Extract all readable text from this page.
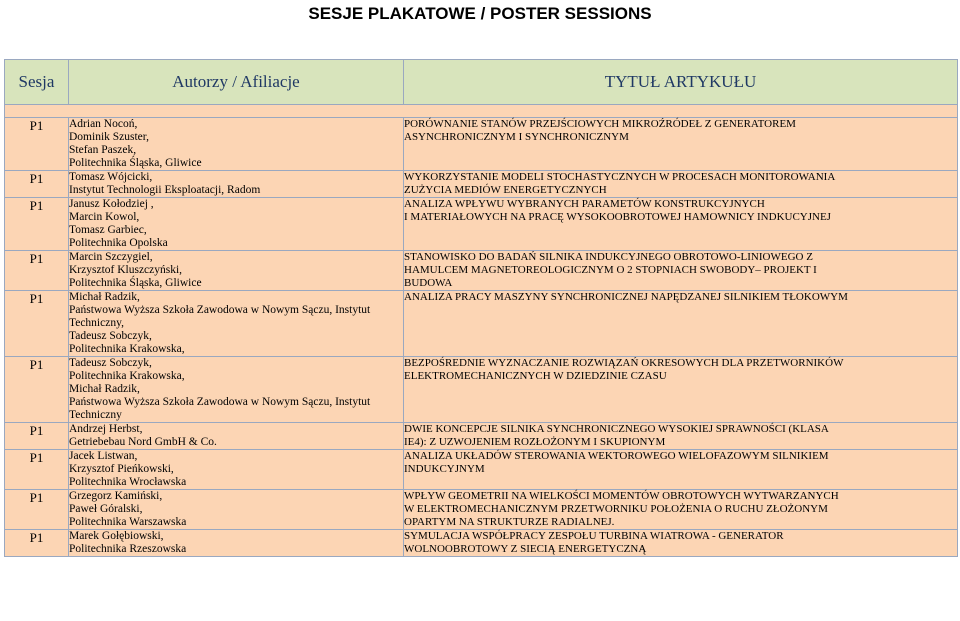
SESJE PLAKATOWE / POSTER SESSIONS
Sesja	Autorzy / Afiliacje	TYTUŁ ARTYKUŁU

P1	Adrian Nocoń,
Dominik Szuster,
Stefan Paszek,
Politechnika Śląska, Gliwice	PORÓWNANIE STANÓW PRZEJŚCIOWYCH MIKROŹRÓDEŁ Z GENERATOREM
ASYNCHRONICZNYM I SYNCHRONICZNYM

P1	Tomasz Wójcicki,
Instytut Technologii Eksploatacji, Radom	WYKORZYSTANIE MODELI STOCHASTYCZNYCH W PROCESACH MONITOROWANIA
ZUŻYCIA MEDIÓW ENERGETYCZNYCH

P1	Janusz Kołodziej ,
Marcin Kowol,
Tomasz Garbiec,
Politechnika Opolska	ANALIZA WPŁYWU WYBRANYCH PARAMETÓW KONSTRUKCYJNYCH
I MATERIAŁOWYCH NA PRACĘ WYSOKOOBROTOWEJ HAMOWNICY INDKUCYJNEJ

P1	Marcin Szczygiel,
Krzysztof Kluszczyński,
Politechnika Śląska, Gliwice	STANOWISKO DO BADAŃ SILNIKA INDUKCYJNEGO OBROTOWO-LINIOWEGO Z
HAMULCEM MAGNETOREOLOGICZNYM O 2 STOPNIACH SWOBODY– PROJEKT I
BUDOWA

P1	Michał Radzik,
Państwowa Wyższa Szkoła Zawodowa w Nowym Sączu, Instytut
Techniczny,
Tadeusz Sobczyk,
Politechnika Krakowska,	ANALIZA PRACY MASZYNY SYNCHRONICZNEJ NAPĘDZANEJ SILNIKIEM TŁOKOWYM

P1	Tadeusz Sobczyk,
Politechnika Krakowska,
Michał Radzik,
Państwowa Wyższa Szkoła Zawodowa w Nowym Sączu, Instytut
Techniczny	BEZPOŚREDNIE WYZNACZANIE ROZWIĄZAŃ OKRESOWYCH DLA PRZETWORNIKÓW
ELEKTROMECHANICZNYCH W DZIEDZINIE CZASU

P1	Andrzej Herbst,
Getriebebau Nord GmbH & Co.	DWIE KONCEPCJE SILNIKA SYNCHRONICZNEGO WYSOKIEJ SPRAWNOŚCI (KLASA
IE4): Z UZWOJENIEM ROZŁOŻONYM I SKUPIONYM

P1	Jacek Listwan,
Krzysztof Pieńkowski,
Politechnika Wrocławska	ANALIZA UKŁADÓW STEROWANIA WEKTOROWEGO WIELOFAZOWYM SILNIKIEM
INDUKCYJNYM

P1	Grzegorz Kamiński,
Paweł Góralski,
Politechnika Warszawska	WPŁYW GEOMETRII NA WIELKOŚCI MOMENTÓW OBROTOWYCH WYTWARZANYCH
W ELEKTROMECHANICZNYM PRZETWORNIKU POŁOŻENIA O RUCHU ZŁOŻONYM
OPARTYM NA STRUKTURZE RADIALNEJ.

P1	Marek Gołębiowski,
Politechnika Rzeszowska	SYMULACJA WSPÓŁPRACY ZESPOŁU TURBINA WIATROWA - GENERATOR
WOLNOOBROTOWY Z SIECIĄ ENERGETYCZNĄ
